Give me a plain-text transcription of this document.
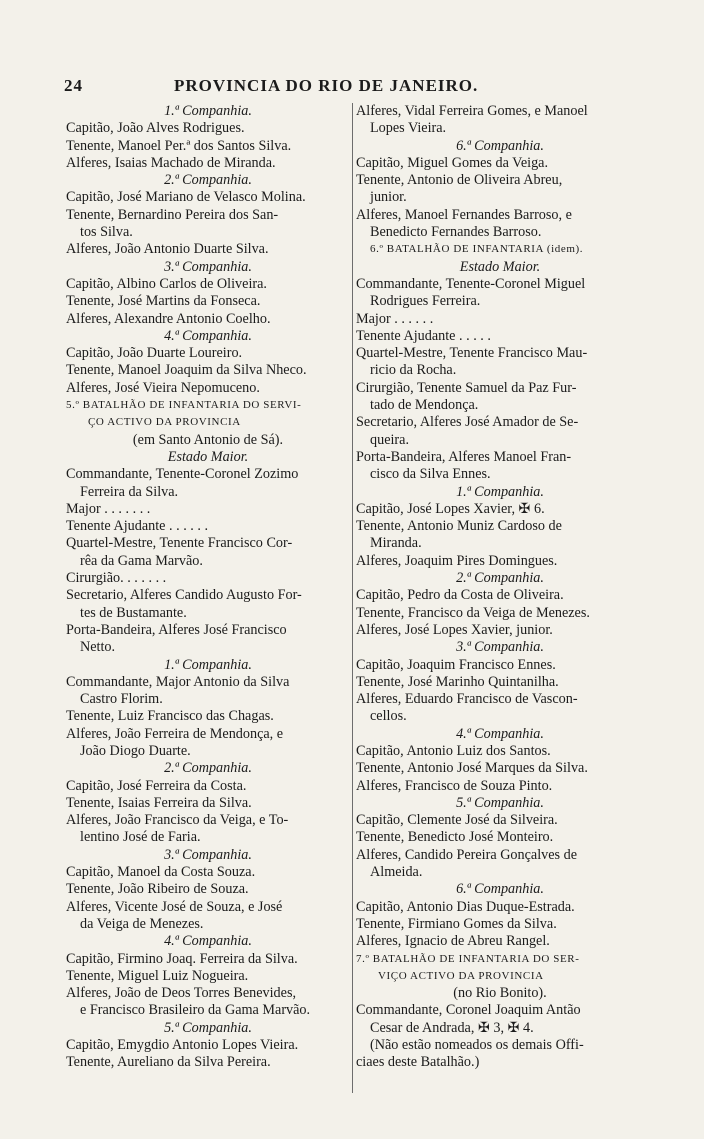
24	PROVINCIA DO RIO DE JANEIRO.
1.ª Companhia.
Capitão, João Alves Rodrigues.
Tenente, Manoel Per.ª dos Santos Silva.
Alferes, Isaias Machado de Miranda.
2.ª Companhia.
Capitão, José Mariano de Velasco Molina.
Tenente, Bernardino Pereira dos San-
tos Silva.
Alferes, João Antonio Duarte Silva.
3.ª Companhia.
Capitão, Albino Carlos de Oliveira.
Tenente, José Martins da Fonseca.
Alferes, Alexandre Antonio Coelho.
4.ª Companhia.
Capitão, João Duarte Loureiro.
Tenente, Manoel Joaquim da Silva Nheco.
Alferes, José Vieira Nepomuceno.
5.º BATALHÃO DE INFANTARIA DO SERVI-
ÇO ACTIVO DA PROVINCIA
(em Santo Antonio de Sá).
Estado Maior.
Commandante, Tenente-Coronel Zozimo
Ferreira da Silva.
Major . . . . . . .
Tenente Ajudante . . . . . .
Quartel-Mestre, Tenente Francisco Cor-
rêa da Gama Marvão.
Cirurgião. . . . . . .
Secretario, Alferes Candido Augusto For-
tes de Bustamante.
Porta-Bandeira, Alferes José Francisco
Netto.
1.ª Companhia.
Commandante, Major Antonio da Silva
Castro Florim.
Tenente, Luiz Francisco das Chagas.
Alferes, João Ferreira de Mendonça, e
João Diogo Duarte.
2.ª Companhia.
Capitão, José Ferreira da Costa.
Tenente, Isaias Ferreira da Silva.
Alferes, João Francisco da Veiga, e To-
lentino José de Faria.
3.ª Companhia.
Capitão, Manoel da Costa Souza.
Tenente, João Ribeiro de Souza.
Alferes, Vicente José de Souza, e José
da Veiga de Menezes.
4.ª Companhia.
Capitão, Firmino Joaq. Ferreira da Silva.
Tenente, Miguel Luiz Nogueira.
Alferes, João de Deos Torres Benevides,
e Francisco Brasileiro da Gama Marvão.
5.ª Companhia.
Capitão, Emygdio Antonio Lopes Vieira.
Tenente, Aureliano da Silva Pereira.
Alferes, Vidal Ferreira Gomes, e Manoel
Lopes Vieira.
6.ª Companhia.
Capitão, Miguel Gomes da Veiga.
Tenente, Antonio de Oliveira Abreu,
junior.
Alferes, Manoel Fernandes Barroso, e
Benedicto Fernandes Barroso.
6.º BATALHÃO DE INFANTARIA (idem).
Estado Maior.
Commandante, Tenente-Coronel Miguel
Rodrigues Ferreira.
Major . . . . . .
Tenente Ajudante . . . . .
Quartel-Mestre, Tenente Francisco Mau-
ricio da Rocha.
Cirurgião, Tenente Samuel da Paz Fur-
tado de Mendonça.
Secretario, Alferes José Amador de Se-
queira.
Porta-Bandeira, Alferes Manoel Fran-
cisco da Silva Ennes.
1.ª Companhia.
Capitão, José Lopes Xavier, ✠ 6.
Tenente, Antonio Muniz Cardoso de
Miranda.
Alferes, Joaquim Pires Domingues.
2.ª Companhia.
Capitão, Pedro da Costa de Oliveira.
Tenente, Francisco da Veiga de Menezes.
Alferes, José Lopes Xavier, junior.
3.ª Companhia.
Capitão, Joaquim Francisco Ennes.
Tenente, José Marinho Quintanilha.
Alferes, Eduardo Francisco de Vascon-
cellos.
4.ª Companhia.
Capitão, Antonio Luiz dos Santos.
Tenente, Antonio José Marques da Silva.
Alferes, Francisco de Souza Pinto.
5.ª Companhia.
Capitão, Clemente José da Silveira.
Tenente, Benedicto José Monteiro.
Alferes, Candido Pereira Gonçalves de
Almeida.
6.ª Companhia.
Capitão, Antonio Dias Duque-Estrada.
Tenente, Firmiano Gomes da Silva.
Alferes, Ignacio de Abreu Rangel.
7.º BATALHÃO DE INFANTARIA DO SER-
VIÇO ACTIVO DA PROVINCIA
(no Rio Bonito).
Commandante, Coronel Joaquim Antão
Cesar de Andrada, ✠ 3, ✠ 4.
(Não estão nomeados os demais Offi-
ciaes deste Batalhão.)
